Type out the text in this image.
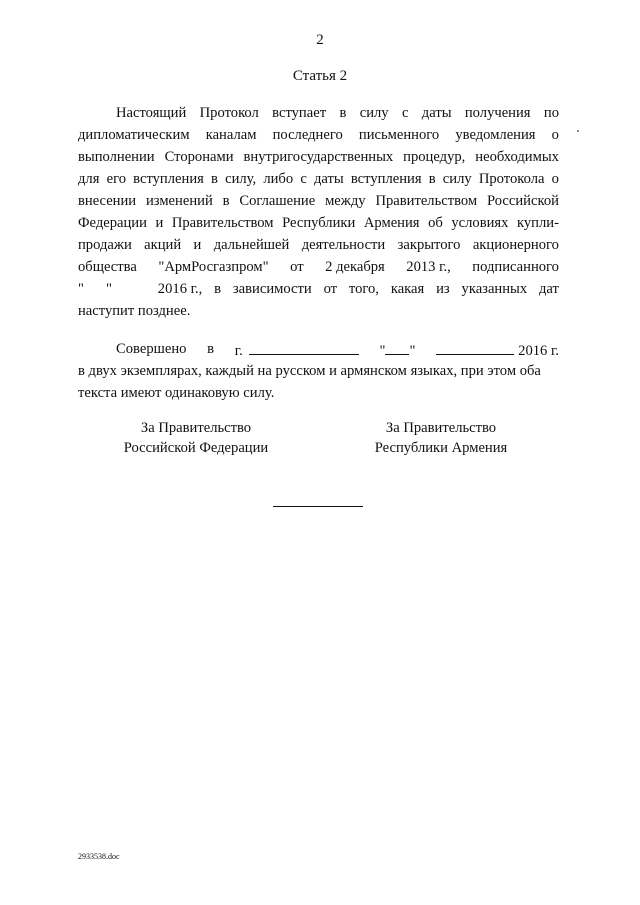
2
Статья 2
Настоящий Протокол вступает в силу с даты получения по
дипломатическим каналам последнего письменного уведомления о
выполнении Сторонами внутригосударственных процедур, необходимых
для его вступления в силу, либо с даты вступления в силу Протокола о
внесении изменений в Соглашение между Правительством Российской
Федерации и Правительством Республики Армения об условиях купли-
продажи акций и дальнейшей деятельности закрытого акционерного
общества "АрмРосгазпром" от 2 декабря 2013 г., подписанного
" "	2016 г., в зависимости от того, какая из указанных дат
наступит позднее.
Совершено в г.	" "	2016 г.
в двух экземплярах, каждый на русском и армянском языках, при этом оба
текста имеют одинаковую силу.
За Правительство
Российской Федерации
За Правительство
Республики Армения
2933538.doc
